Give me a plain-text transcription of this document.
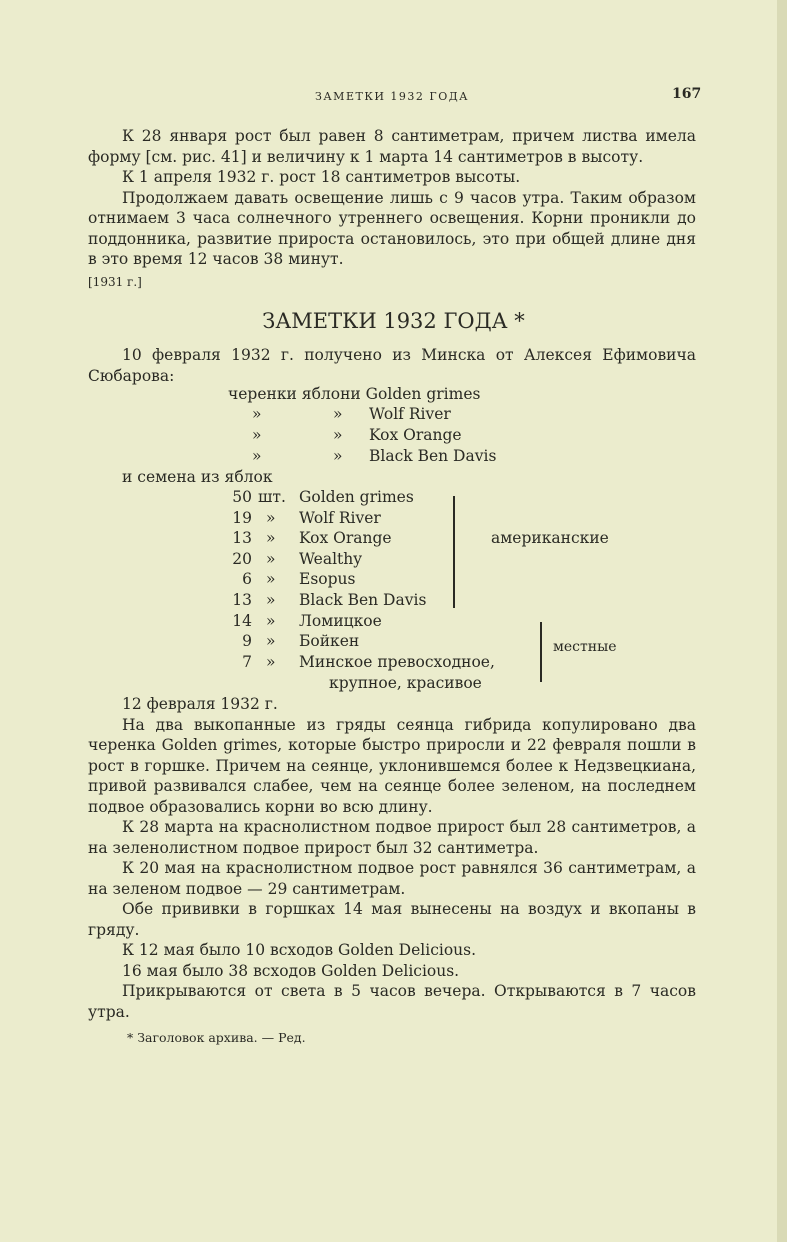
ЗАМЕТКИ 1932 ГОДА	167

К 28 января рост был равен 8 сантиметрам, причем листва имела форму [см. рис. 41] и величину к 1 марта 14 сантиметров в высоту.

К 1 апреля 1932 г. рост 18 сантиметров высоты.

Продолжаем давать освещение лишь с 9 часов утра. Таким образом отнимаем 3 часа солнечного утреннего освещения. Корни проникли до поддонника, развитие прироста остановилось, это при общей длине дня в это время 12 часов 38 минут.

[1931 г.]

ЗАМЕТКИ 1932 ГОДА *

10 февраля 1932 г. получено из Минска от Алексея Ефимовича Сюбарова:

черенки яблони Golden grimes
»	» Wolf River
»	» Kox Orange
»	» Black Ben Davis
и семена из яблок
50 шт. Golden grimes
19 » Wolf River
13 » Kox Orange
20 » Wealthy
6 » Esopus
13 » Black Ben Davis
14 » Ломицкое
9 » Бойкен
7 » Минское превосходное,
крупное, красивое
американские
местные

12 февраля 1932 г.

На два выкопанные из гряды сеянца гибрида копулировано два черенка Golden grimes, которые быстро приросли и 22 февраля пошли в рост в горшке. Причем на сеянце, уклонившемся более к Недзвецкиана, привой развивался слабее, чем на сеянце более зеленом, на последнем подвое образовались корни во всю длину.

К 28 марта на краснолистном подвое прирост был 28 сантиметров, а на зеленолистном подвое прирост был 32 сантиметра.

К 20 мая на краснолистном подвое рост равнялся 36 сантиметрам, а на зеленом подвое — 29 сантиметрам.

Обе прививки в горшках 14 мая вынесены на воздух и вкопаны в гряду.

К 12 мая было 10 всходов Golden Delicious.

16 мая было 38 всходов Golden Delicious.

Прикрываются от света в 5 часов вечера. Открываются в 7 часов утра.

* Заголовок архива. — Ред.
